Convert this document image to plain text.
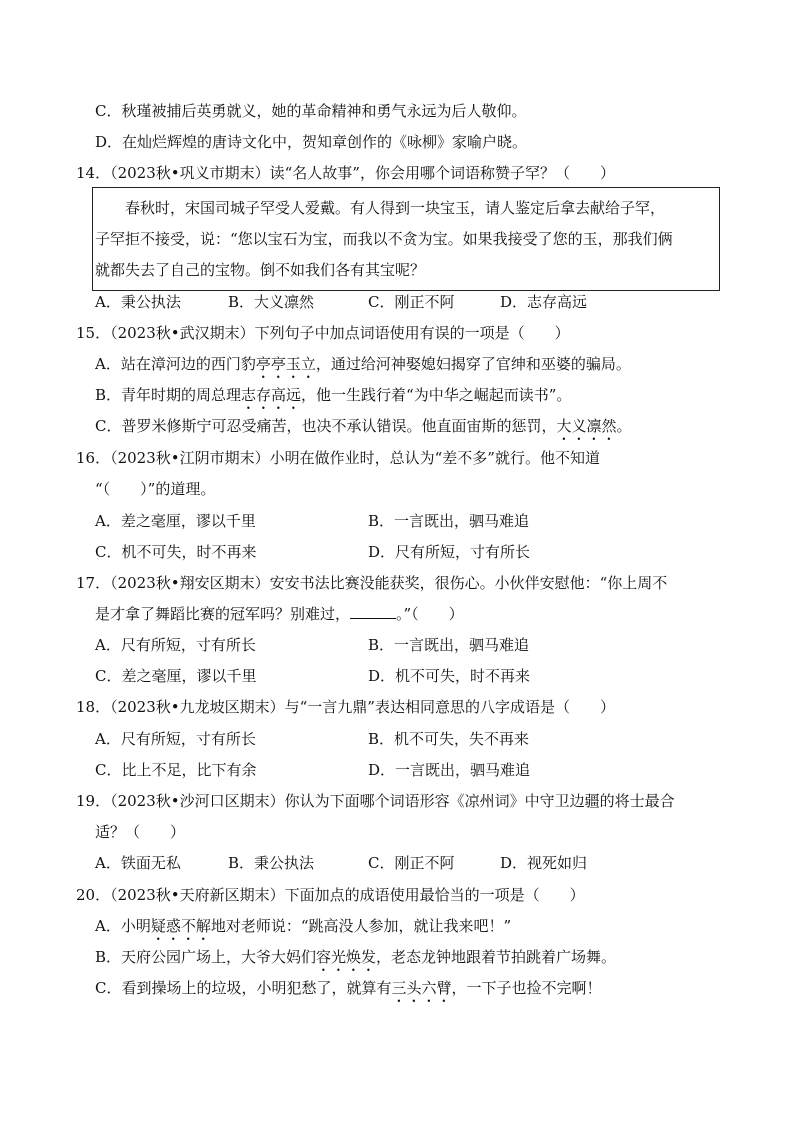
C．秋瑾被捕后英勇就义，她的革命精神和勇气永远为后人敬仰。
D．在灿烂辉煌的唐诗文化中，贺知章创作的《咏柳》家喻户晓。
14．（2023秋•巩义市期末）读“名人故事”，你会用哪个词语称赞子罕？（　　）
　　春秋时，宋国司城子罕受人爱戴。有人得到一块宝玉，请人鉴定后拿去献给子罕，
子罕拒不接受，说：“您以宝石为宝，而我以不贪为宝。如果我接受了您的玉，那我们俩
就都失去了自己的宝物。倒不如我们各有其宝呢？
A．秉公执法	B．大义凛然	C．刚正不阿	D．志存高远
15．（2023秋•武汉期末）下列句子中加点词语使用有误的一项是（　　）
A．站在漳河边的西门豹亭亭玉立，通过给河神娶媳妇揭穿了官绅和巫婆的骗局。
B．青年时期的周总理志存高远，他一生践行着“为中华之崛起而读书”。
C．普罗米修斯宁可忍受痛苦，也决不承认错误。他直面宙斯的惩罚，大义凛然。
16．（2023秋•江阴市期末）小明在做作业时，总认为“差不多”就行。他不知道
“（　　）”的道理。
A．差之毫厘，谬以千里	B．一言既出，驷马难追
C．机不可失，时不再来	D．尺有所短，寸有所长
17．（2023秋•翔安区期末）安安书法比赛没能获奖，很伤心。小伙伴安慰他：“你上周不
是才拿了舞蹈比赛的冠军吗？别难过，	。”（　　）
A．尺有所短，寸有所长	B．一言既出，驷马难追
C．差之毫厘，谬以千里	D．机不可失，时不再来
18．（2023秋•九龙坡区期末）与“一言九鼎”表达相同意思的八字成语是（　　）
A．尺有所短，寸有所长	B．机不可失，失不再来
C．比上不足，比下有余	D．一言既出，驷马难追
19．（2023秋•沙河口区期末）你认为下面哪个词语形容《凉州词》中守卫边疆的将士最合
适？（　　）
A．铁面无私	B．秉公执法	C．刚正不阿	D．视死如归
20．（2023秋•天府新区期末）下面加点的成语使用最恰当的一项是（　　）
A．小明疑惑不解地对老师说：“跳高没人参加，就让我来吧！”
B．天府公园广场上，大爷大妈们容光焕发，老态龙钟地跟着节拍跳着广场舞。
C．看到操场上的垃圾，小明犯愁了，就算有三头六臂，一下子也捡不完啊！
